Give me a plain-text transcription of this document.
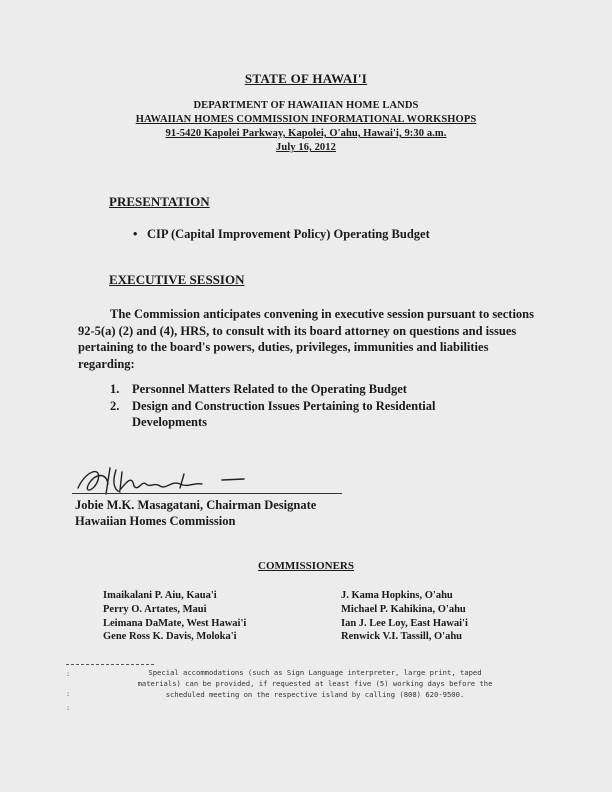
STATE OF HAWAI'I
DEPARTMENT OF HAWAIIAN HOME LANDS
HAWAIIAN HOMES COMMISSION INFORMATIONAL WORKSHOPS
91-5420 Kapolei Parkway, Kapolei, O'ahu, Hawai'i, 9:30 a.m.
July 16, 2012
PRESENTATION
• CIP (Capital Improvement Policy) Operating Budget
EXECUTIVE SESSION
The Commission anticipates convening in executive session pursuant to sections 92-5(a) (2) and (4), HRS, to consult with its board attorney on questions and issues pertaining to the board's powers, duties, privileges, immunities and liabilities regarding:
1.	Personnel Matters Related to the Operating Budget
2.	Design and Construction Issues Pertaining to Residential Developments
Jobie M.K. Masagatani, Chairman Designate
Hawaiian Homes Commission
COMMISSIONERS
Imaikalani P. Aiu, Kaua'i
Perry O. Artates, Maui
Leimana DaMate, West Hawai'i
Gene Ross K. Davis, Moloka'i
J. Kama Hopkins, O'ahu
Michael P. Kahikina, O'ahu
Ian J. Lee Loy, East Hawai'i
Renwick V.I. Tassill, O'ahu
:
:
:
Special accommodations (such as Sign Language interpreter, large print, taped
materials) can be provided, if requested at least five (5) working days before the
scheduled meeting on the respective island by calling (808) 620-9500.
